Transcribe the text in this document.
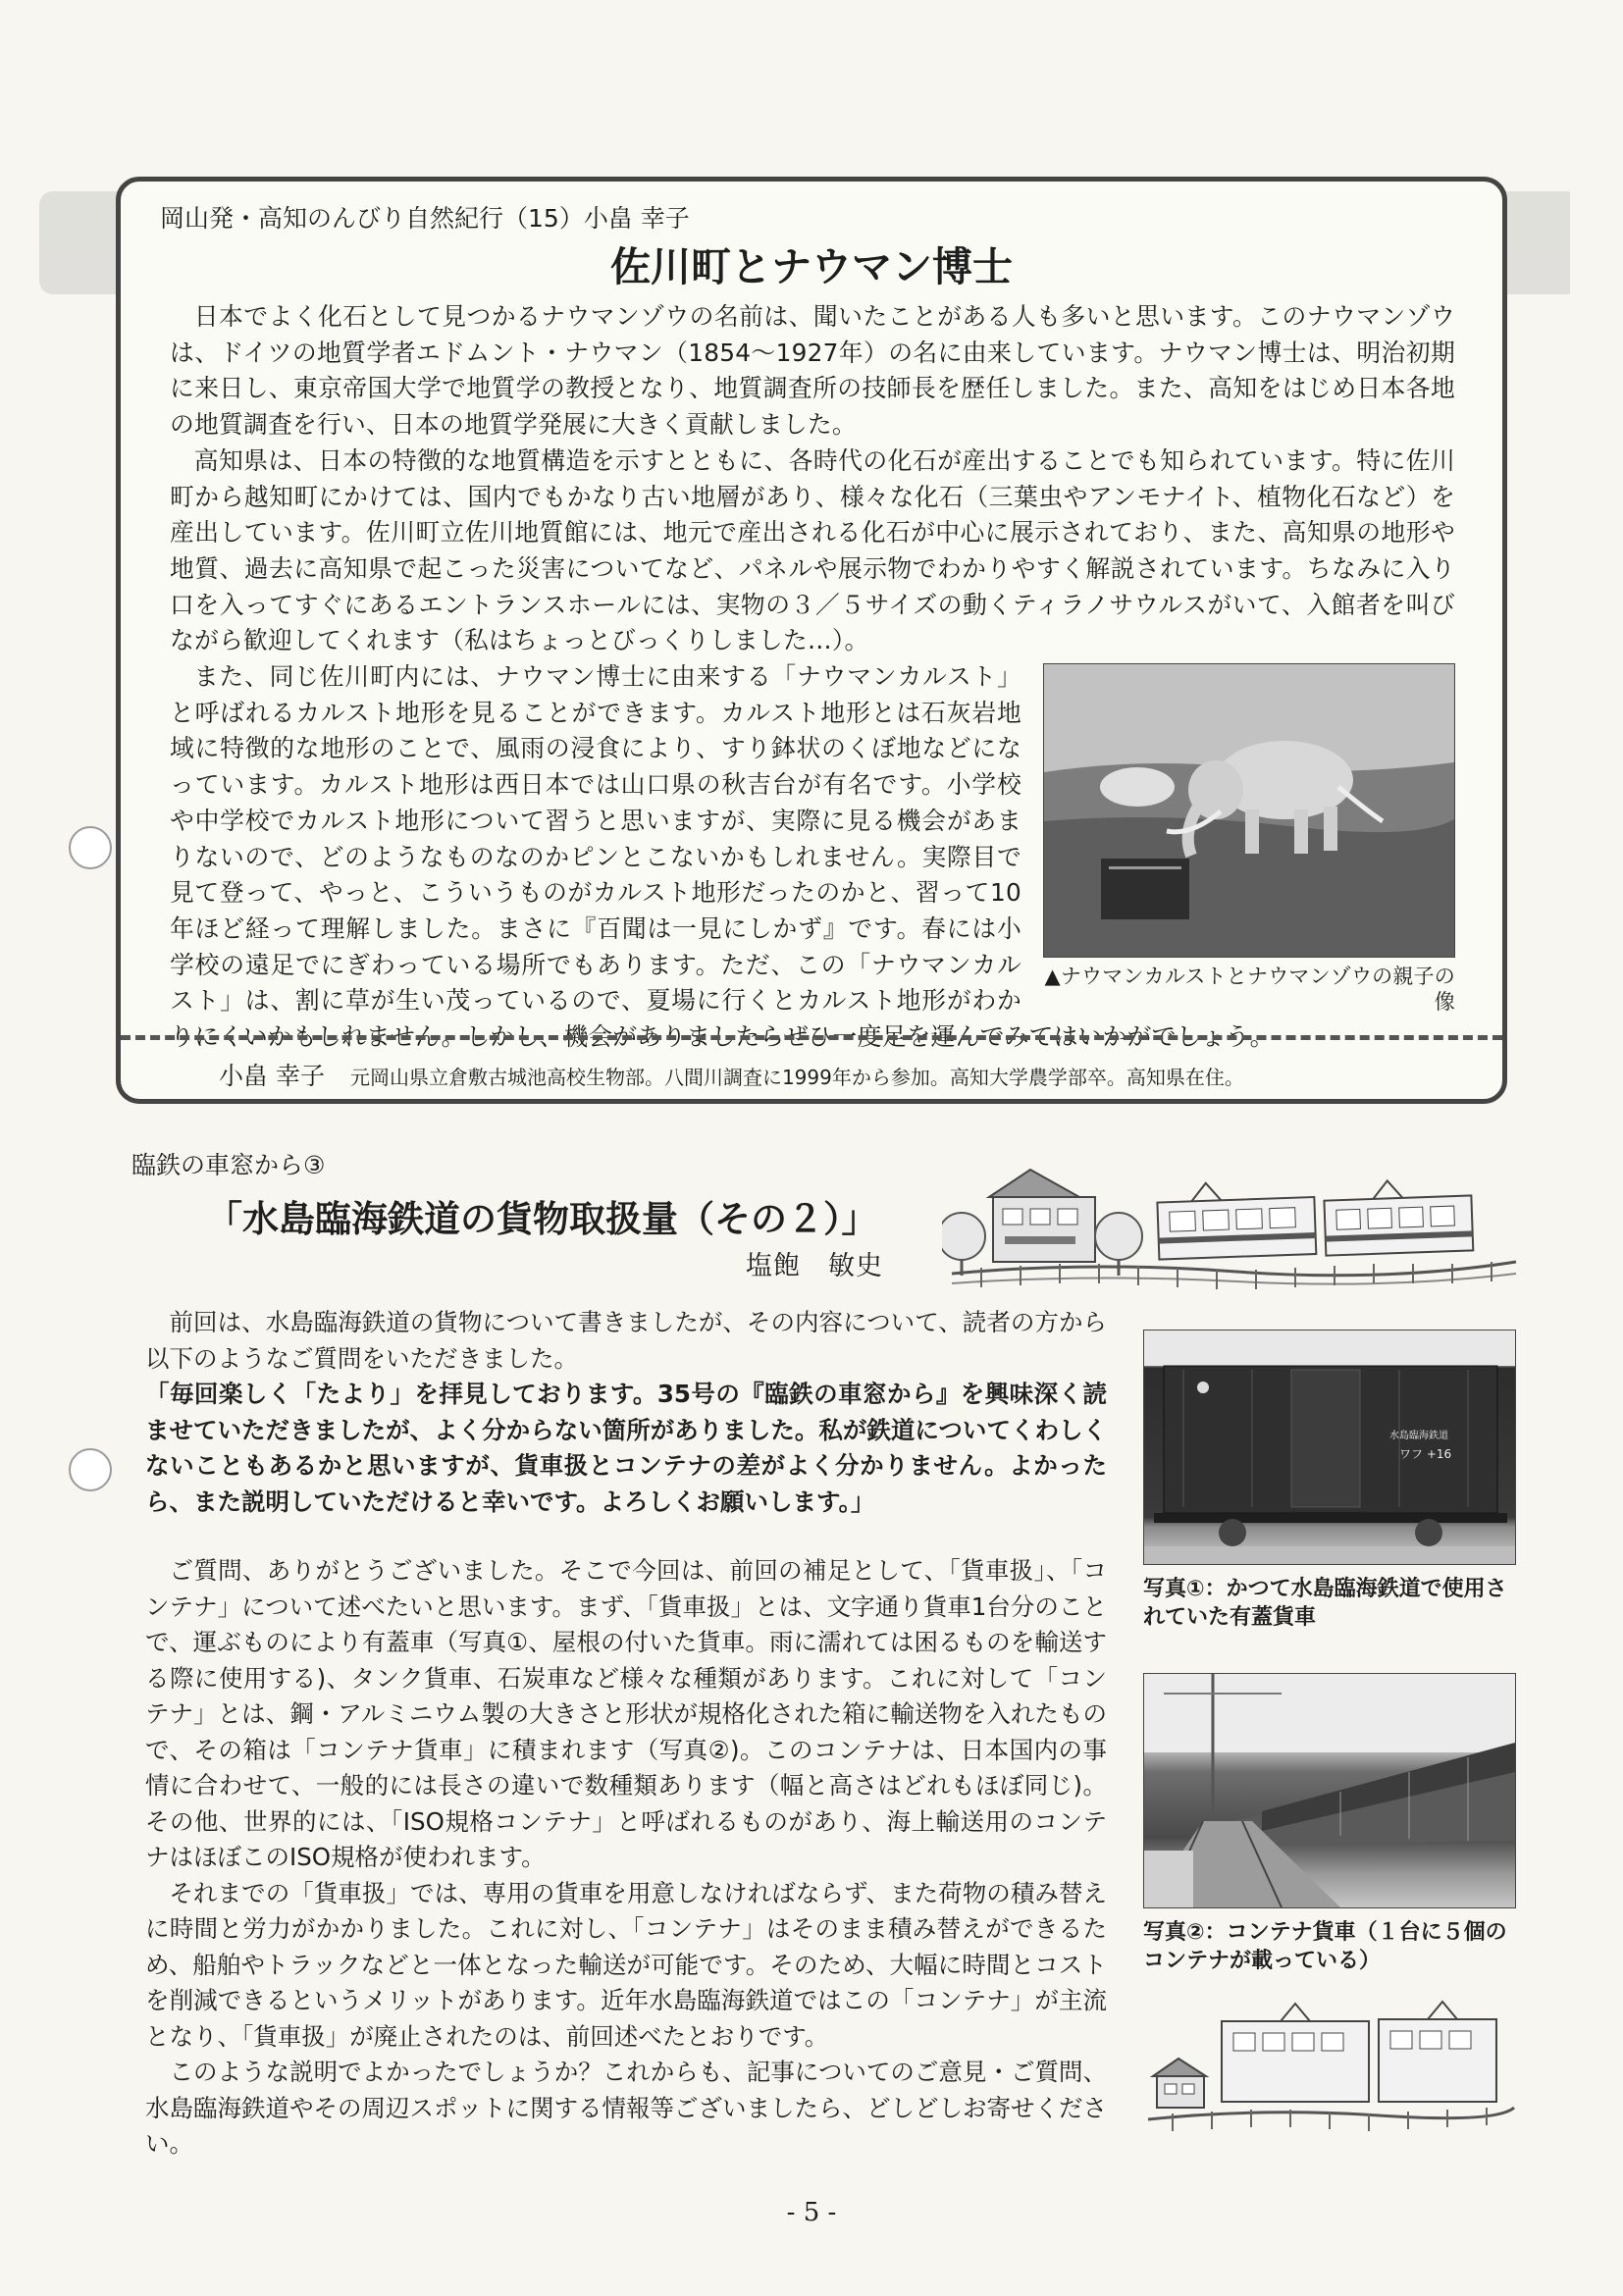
岡山発・高知のんびり自然紀行（15）小畠 幸子
佐川町とナウマン博士

日本でよく化石として見つかるナウマンゾウの名前は、聞いたことがある人も多いと思います。このナウマンゾウは、ドイツの地質学者エドムント・ナウマン（1854〜1927年）の名に由来しています。ナウマン博士は、明治初期に来日し、東京帝国大学で地質学の教授となり、地質調査所の技師長を歴任しました。また、高知をはじめ日本各地の地質調査を行い、日本の地質学発展に大きく貢献しました。

高知県は、日本の特徴的な地質構造を示すとともに、各時代の化石が産出することでも知られています。特に佐川町から越知町にかけては、国内でもかなり古い地層があり、様々な化石（三葉虫やアンモナイト、植物化石など）を産出しています。佐川町立佐川地質館には、地元で産出される化石が中心に展示されており、また、高知県の地形や地質、過去に高知県で起こった災害についてなど、パネルや展示物でわかりやすく解説されています。ちなみに入り口を入ってすぐにあるエントランスホールには、実物の３／５サイズの動くティラノサウルスがいて、入館者を叫びながら歓迎してくれます（私はちょっとびっくりしました…）。

▲ナウマンカルストとナウマンゾウの親子の像

また、同じ佐川町内には、ナウマン博士に由来する「ナウマンカルスト」と呼ばれるカルスト地形を見ることができます。カルスト地形とは石灰岩地域に特徴的な地形のことで、風雨の浸食により、すり鉢状のくぼ地などになっています。カルスト地形は西日本では山口県の秋吉台が有名です。小学校や中学校でカルスト地形について習うと思いますが、実際に見る機会があまりないので、どのようなものなのかピンとこないかもしれません。実際目で見て登って、やっと、こういうものがカルスト地形だったのかと、習って10年ほど経って理解しました。まさに『百聞は一見にしかず』です。春には小学校の遠足でにぎわっている場所でもあります。ただ、この「ナウマンカルスト」は、割に草が生い茂っているので、夏場に行くとカルスト地形がわかりにくいかもしれません。しかし、機会がありましたらぜひ一度足を運んでみてはいかがでしょう。

小畠 幸子 元岡山県立倉敷古城池高校生物部。八間川調査に1999年から参加。高知大学農学部卒。高知県在住。
臨鉄の車窓から③
「水島臨海鉄道の貨物取扱量（その２）」
塩飽　敏史

前回は、水島臨海鉄道の貨物について書きましたが、その内容について、読者の方から以下のようなご質問をいただきました。

「毎回楽しく「たより」を拝見しております。35号の『臨鉄の車窓から』を興味深く読ませていただきましたが、よく分からない箇所がありました。私が鉄道についてくわしくないこともあるかと思いますが、貨車扱とコンテナの差がよく分かりません。よかったら、また説明していただけると幸いです。よろしくお願いします。」

ご質問、ありがとうございました。そこで今回は、前回の補足として、「貨車扱」、「コンテナ」について述べたいと思います。まず、「貨車扱」とは、文字通り貨車1台分のことで、運ぶものにより有蓋車（写真①、屋根の付いた貨車。雨に濡れては困るものを輸送する際に使用する)、タンク貨車、石炭車など様々な種類があります。これに対して「コンテナ」とは、鋼・アルミニウム製の大きさと形状が規格化された箱に輸送物を入れたもので、その箱は「コンテナ貨車」に積まれます（写真②)。このコンテナは、日本国内の事情に合わせて、一般的には長さの違いで数種類あります（幅と高さはどれもほぼ同じ)。その他、世界的には、「ISO規格コンテナ」と呼ばれるものがあり、海上輸送用のコンテナはほぼこのISO規格が使われます。

それまでの「貨車扱」では、専用の貨車を用意しなければならず、また荷物の積み替えに時間と労力がかかりました。これに対し、「コンテナ」はそのまま積み替えができるため、船舶やトラックなどと一体となった輸送が可能です。そのため、大幅に時間とコストを削減できるというメリットがあります。近年水島臨海鉄道ではこの「コンテナ」が主流となり、「貨車扱」が廃止されたのは、前回述べたとおりです。

このような説明でよかったでしょうか？これからも、記事についてのご意見・ご質問、水島臨海鉄道やその周辺スポットに関する情報等ございましたら、どしどしお寄せください。

水島臨海鉄道
ワフ +16
写真①：かつて水島臨海鉄道で使用されていた有蓋貨車
写真②：コンテナ貨車（１台に５個のコンテナが載っている）
- 5 -
